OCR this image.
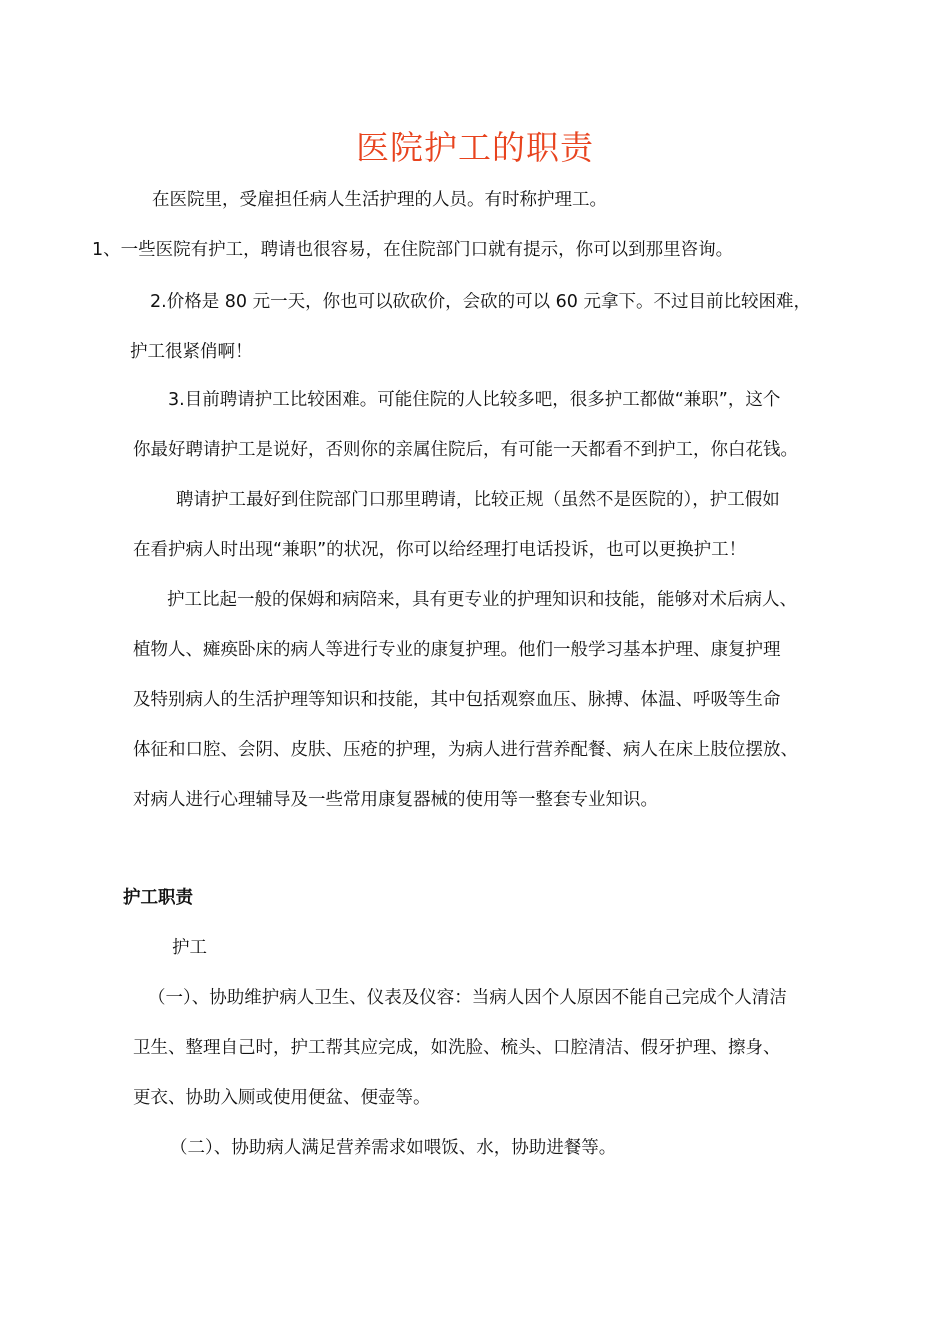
医院护工的职责
在医院里，受雇担任病人生活护理的人员。有时称护理工。
1、一些医院有护工，聘请也很容易，在住院部门口就有提示，你可以到那里咨询。
2.价格是 80 元一天，你也可以砍砍价，会砍的可以 60 元拿下。不过目前比较困难，
护工很紧俏啊！
3.目前聘请护工比较困难。可能住院的人比较多吧，很多护工都做“兼职”，这个
你最好聘请护工是说好，否则你的亲属住院后，有可能一天都看不到护工，你白花钱。
聘请护工最好到住院部门口那里聘请，比较正规（虽然不是医院的），护工假如
在看护病人时出现“兼职”的状况，你可以给经理打电话投诉，也可以更换护工！
护工比起一般的保姆和病陪来，具有更专业的护理知识和技能，能够对术后病人、
植物人、瘫痪卧床的病人等进行专业的康复护理。他们一般学习基本护理、康复护理
及特别病人的生活护理等知识和技能，其中包括观察血压、脉搏、体温、呼吸等生命
体征和口腔、会阴、皮肤、压疮的护理，为病人进行营养配餐、病人在床上肢位摆放、
对病人进行心理辅导及一些常用康复器械的使用等一整套专业知识。
护工职责
护工
（一）、协助维护病人卫生、仪表及仪容：当病人因个人原因不能自己完成个人清洁
卫生、整理自己时，护工帮其应完成，如洗脸、梳头、口腔清洁、假牙护理、擦身、
更衣、协助入厕或使用便盆、便壶等。
（二）、协助病人满足营养需求如喂饭、水，协助进餐等。
